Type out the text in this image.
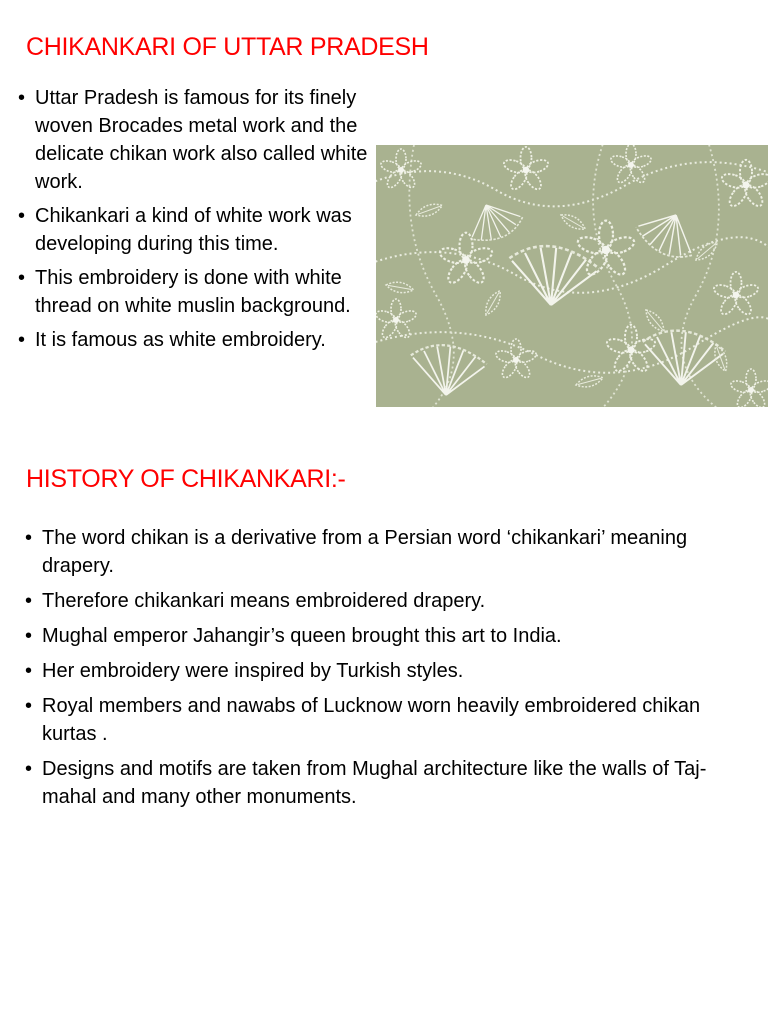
CHIKANKARI OF UTTAR PRADESH
• Uttar Pradesh is famous for its finely woven Brocades metal work and the delicate chikan work also called white work.
• Chikankari a kind of white work was developing during this time.
• This embroidery is done with white thread on white muslin background.
• It is famous as white embroidery.
HISTORY OF CHIKANKARI:-
• The word chikan is a derivative from a Persian word ‘chikankari’ meaning drapery.
• Therefore chikankari means embroidered drapery.
• Mughal emperor Jahangir’s queen brought this art to India.
• Her embroidery were inspired by Turkish styles.
• Royal members and nawabs of Lucknow worn heavily embroidered chikan kurtas .
• Designs and motifs are taken from Mughal architecture like the walls of Taj-mahal and many other monuments.
